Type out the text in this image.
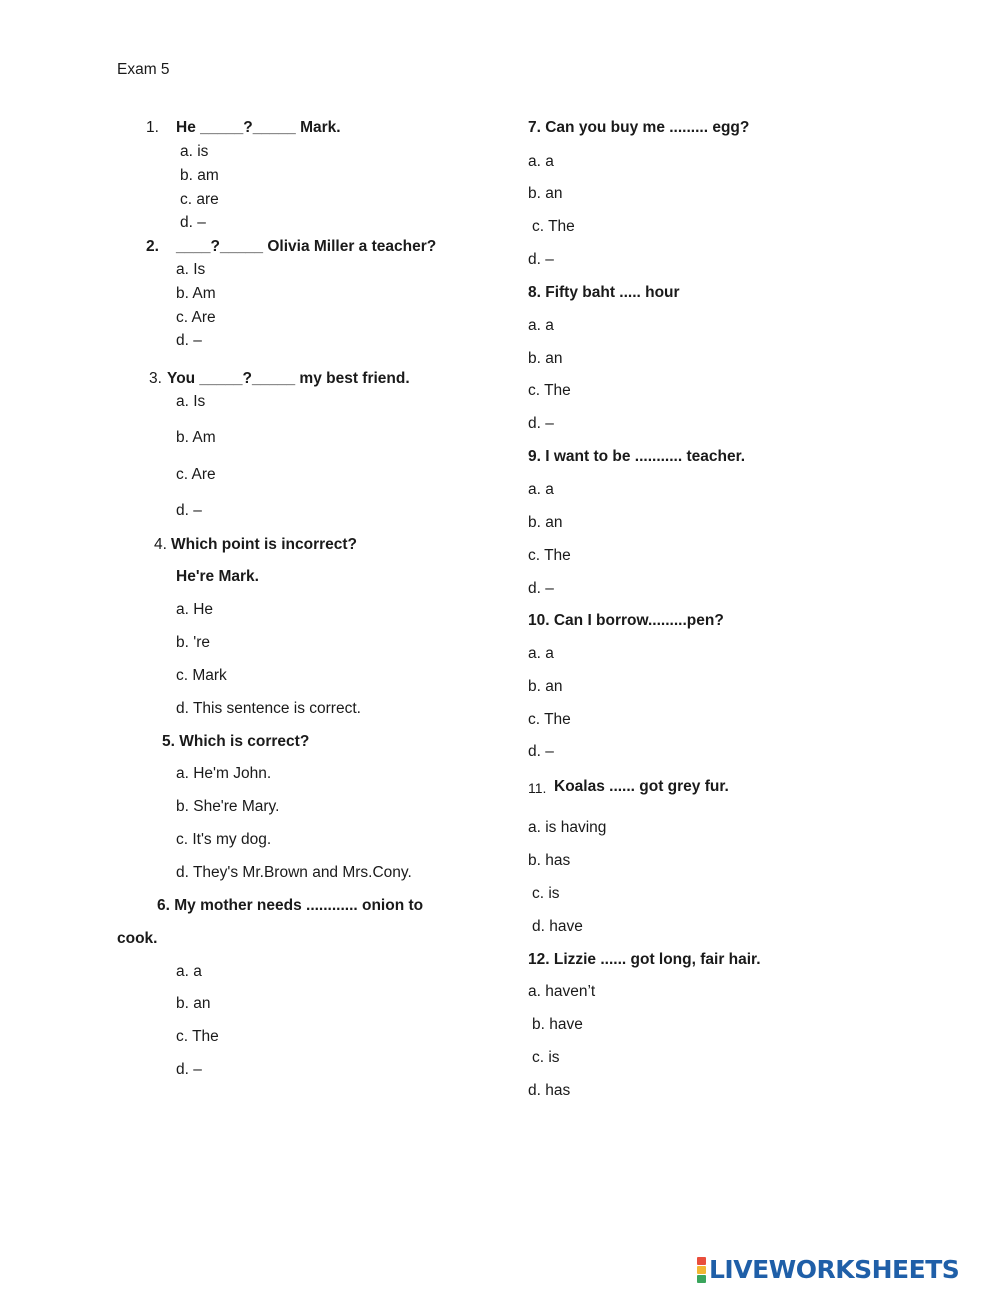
Exam 5
1. He _____?_____ Mark.
a. is
b. am
c. are
d. –
2. ____?_____ Olivia Miller a teacher?
a. Is
b. Am
c. Are
d. –
3. You _____?_____ my best friend.
a. Is
b. Am
c. Are
d. –
4. Which point is incorrect?
He're Mark.
a. He
b. 're
c. Mark
d. This sentence is correct.
5. Which is correct?
a. He'm John.
b. She're Mary.
c. It's my dog.
d. They's Mr.Brown and Mrs.Cony.
6. My mother needs ............ onion to
cook.
a. a
b. an
c. The
d. –
7. Can you buy me ......... egg?
a. a
b. an
c. The
d. –
8. Fifty baht ..... hour
a. a
b. an
c. The
d. –
9. I want to be ........... teacher.
a. a
b. an
c. The
d. –
10. Can I borrow.........pen?
a. a
b. an
c. The
d. –
11. Koalas ...... got grey fur.
a. is having
b. has
c. is
d. have
12. Lizzie ...... got long, fair hair.
a. haven’t
b. have
c. is
d. has
LIVEWORKSHEETS
